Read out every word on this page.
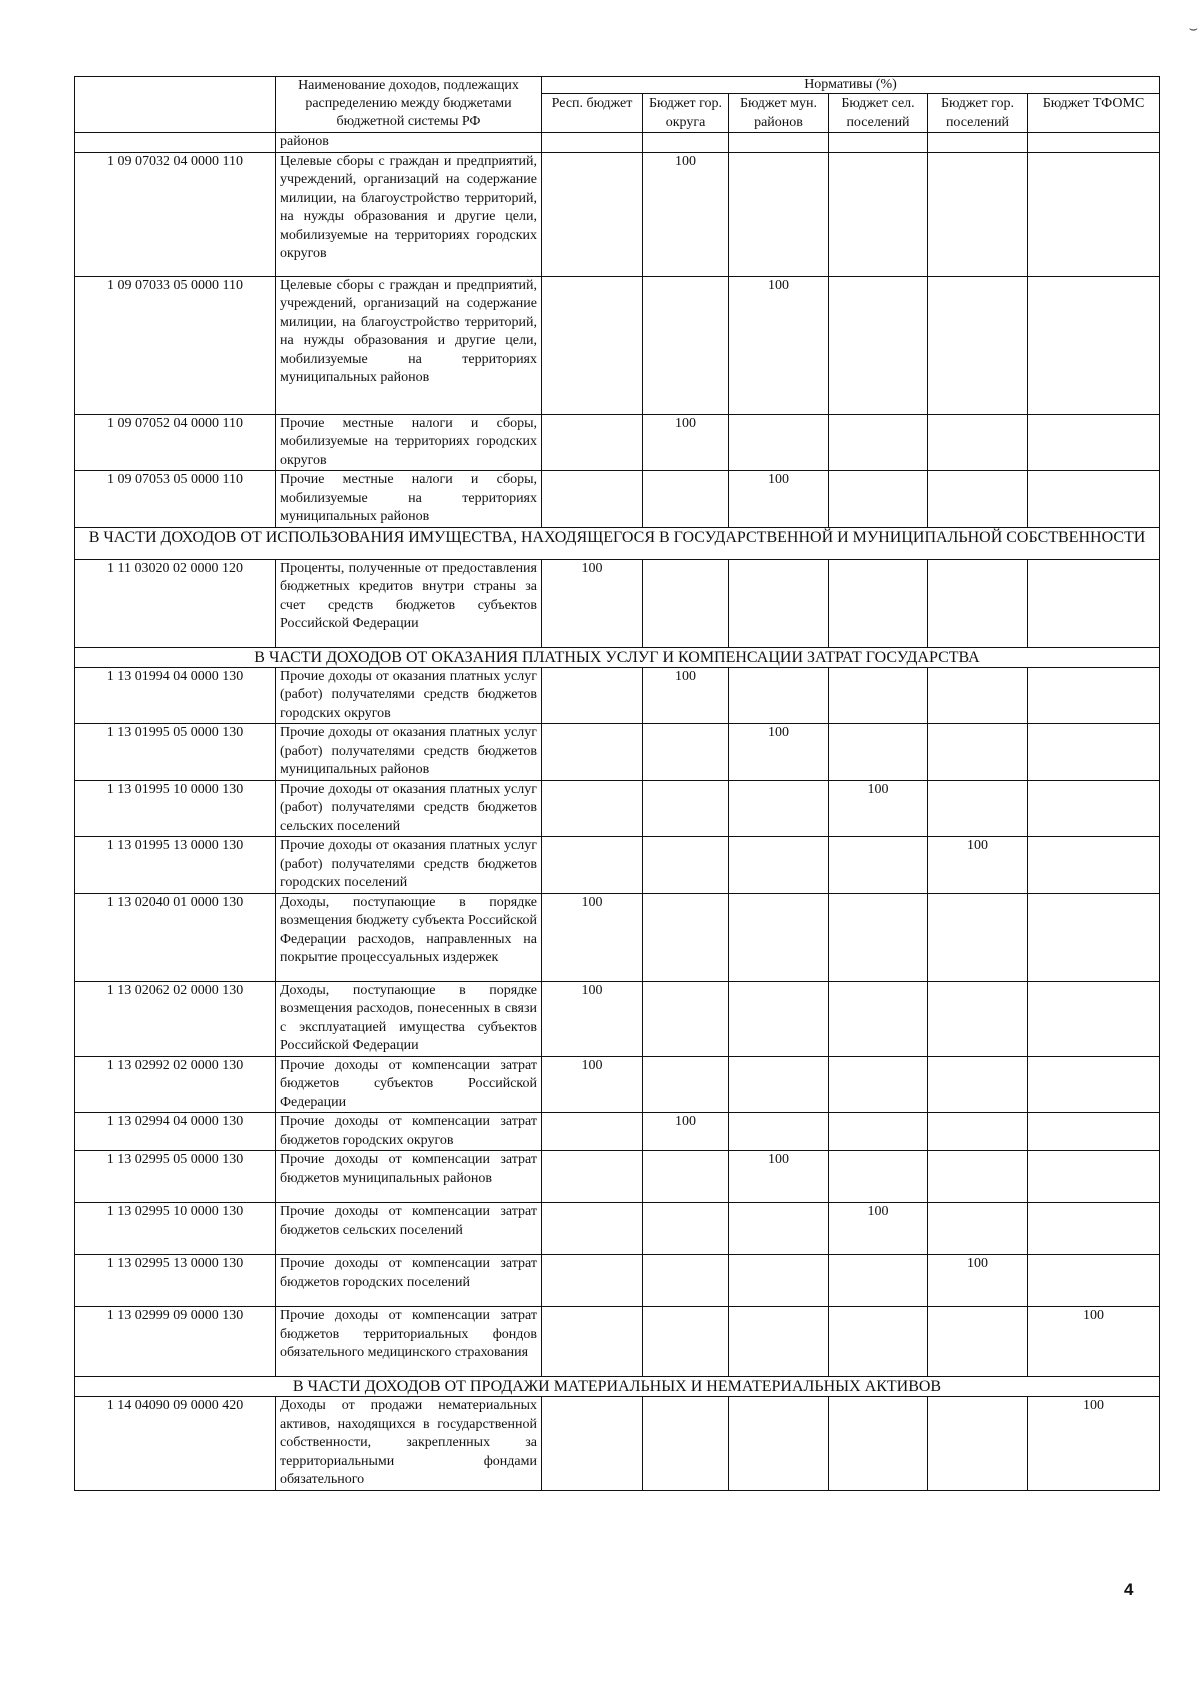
⌣
	Наименование доходов, подлежащих распределению между бюджетами бюджетной системы РФ	Нормативы (%)					
		Респ. бюджет	Бюджет гор. округа	Бюджет мун. районов	Бюджет сел. поселений	Бюджет гор. поселений	Бюджет ТФОМС
	районов						
1 09 07032 04 0000 110	Целевые сборы с граждан и предприятий, учреждений, организаций на содержание милиции, на благоустройство территорий, на нужды образования и другие цели, мобилизуемые на территориях городских округов		100				
1 09 07033 05 0000 110	Целевые сборы с граждан и предприятий, учреждений, организаций на содержание милиции, на благоустройство территорий, на нужды образования и другие цели, мобилизуемые на территориях муниципальных районов			100			
1 09 07052 04 0000 110	Прочие местные налоги и сборы, мобилизуемые на территориях городских округов		100				
1 09 07053 05 0000 110	Прочие местные налоги и сборы, мобилизуемые на территориях муниципальных районов			100			
В ЧАСТИ ДОХОДОВ ОТ ИСПОЛЬЗОВАНИЯ ИМУЩЕСТВА, НАХОДЯЩЕГОСЯ В ГОСУДАРСТВЕННОЙ И МУНИЦИПАЛЬНОЙ СОБСТВЕННОСТИ							
1 11 03020 02 0000 120	Проценты, полученные от предоставления бюджетных кредитов внутри страны за счет средств бюджетов субъектов Российской Федерации	100					
В ЧАСТИ ДОХОДОВ ОТ ОКАЗАНИЯ ПЛАТНЫХ УСЛУГ И КОМПЕНСАЦИИ ЗАТРАТ ГОСУДАРСТВА							
1 13 01994 04 0000 130	Прочие доходы от оказания платных услуг (работ) получателями средств бюджетов городских округов		100				
1 13 01995 05 0000 130	Прочие доходы от оказания платных услуг (работ) получателями средств бюджетов муниципальных районов			100			
1 13 01995 10 0000 130	Прочие доходы от оказания платных услуг (работ) получателями средств бюджетов сельских поселений				100		
1 13 01995 13 0000 130	Прочие доходы от оказания платных услуг (работ) получателями средств бюджетов городских поселений					100	
1 13 02040 01 0000 130	Доходы, поступающие в порядке возмещения бюджету субъекта Российской Федерации расходов, направленных на покрытие процессуальных издержек	100					
1 13 02062 02 0000 130	Доходы, поступающие в порядке возмещения расходов, понесенных в связи с эксплуатацией имущества субъектов Российской Федерации	100					
1 13 02992 02 0000 130	Прочие доходы от компенсации затрат бюджетов субъектов Российской Федерации	100					
1 13 02994 04 0000 130	Прочие доходы от компенсации затрат бюджетов городских округов		100				
1 13 02995 05 0000 130	Прочие доходы от компенсации затрат бюджетов муниципальных районов			100			
1 13 02995 10 0000 130	Прочие доходы от компенсации затрат бюджетов сельских поселений				100		
1 13 02995 13 0000 130	Прочие доходы от компенсации затрат бюджетов городских поселений					100	
1 13 02999 09 0000 130	Прочие доходы от компенсации затрат бюджетов территориальных фондов обязательного медицинского страхования						100
В ЧАСТИ ДОХОДОВ ОТ ПРОДАЖИ МАТЕРИАЛЬНЫХ И НЕМАТЕРИАЛЬНЫХ АКТИВОВ							
1 14 04090 09 0000 420	Доходы от продажи нематериальных активов, находящихся в государственной собственности, закрепленных за территориальными фондами обязательного						100
4
